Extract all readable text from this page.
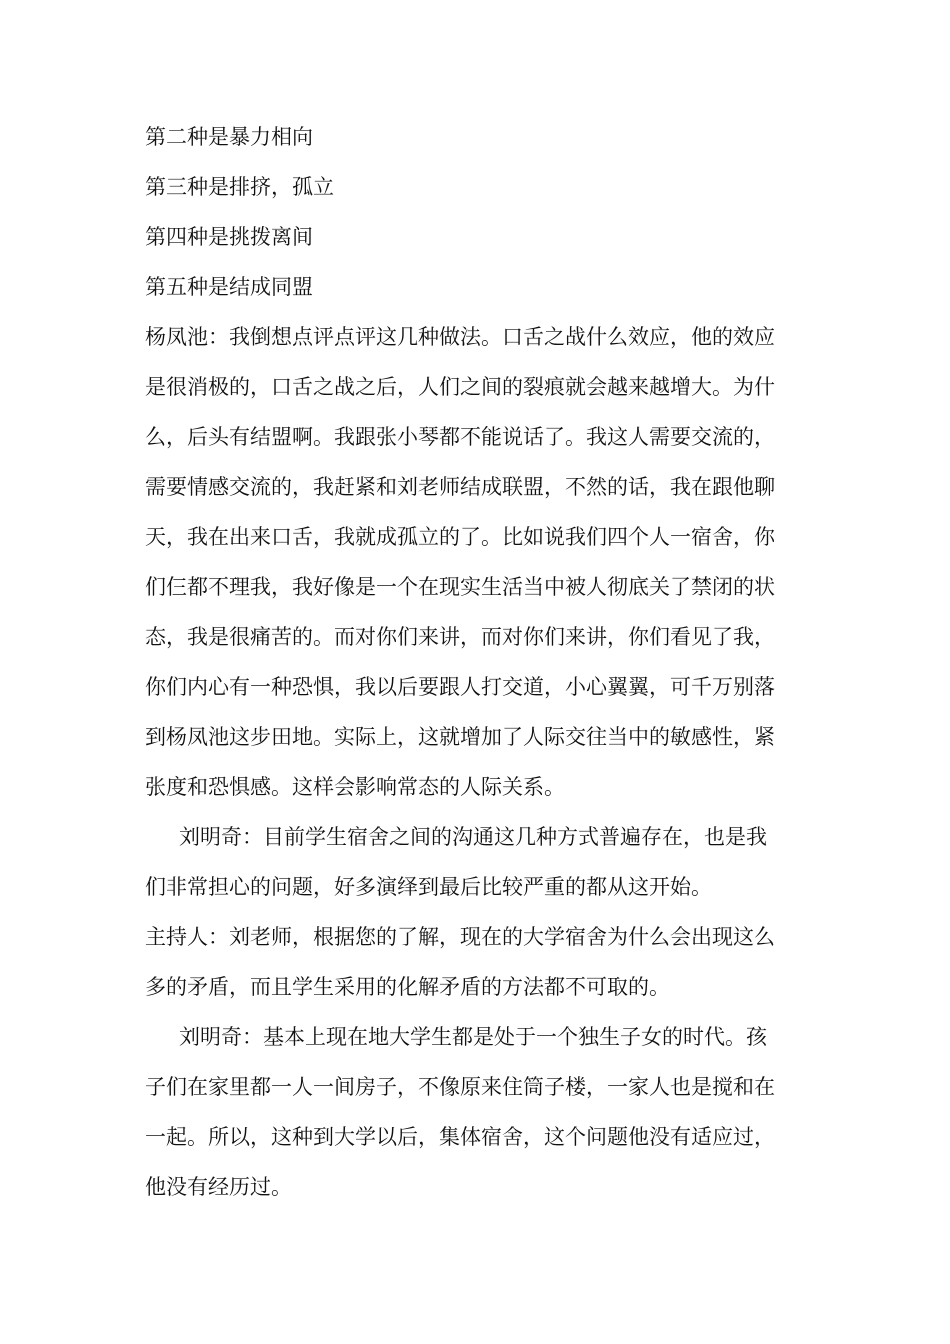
第二种是暴力相向
第三种是排挤，孤立
第四种是挑拨离间
第五种是结成同盟
杨凤池：我倒想点评点评这几种做法。口舌之战什么效应，他的效应
是很消极的，口舌之战之后，人们之间的裂痕就会越来越增大。为什
么，后头有结盟啊。我跟张小琴都不能说话了。我这人需要交流的，
需要情感交流的，我赶紧和刘老师结成联盟，不然的话，我在跟他聊
天，我在出来口舌，我就成孤立的了。比如说我们四个人一宿舍，你
们仨都不理我，我好像是一个在现实生活当中被人彻底关了禁闭的状
态，我是很痛苦的。而对你们来讲，而对你们来讲，你们看见了我，
你们内心有一种恐惧，我以后要跟人打交道，小心翼翼，可千万别落
到杨凤池这步田地。实际上，这就增加了人际交往当中的敏感性，紧
张度和恐惧感。这样会影响常态的人际关系。
刘明奇：目前学生宿舍之间的沟通这几种方式普遍存在，也是我
们非常担心的问题，好多演绎到最后比较严重的都从这开始。
主持人：刘老师，根据您的了解，现在的大学宿舍为什么会出现这么
多的矛盾，而且学生采用的化解矛盾的方法都不可取的。
刘明奇：基本上现在地大学生都是处于一个独生子女的时代。孩
子们在家里都一人一间房子，不像原来住筒子楼，一家人也是搅和在
一起。所以，这种到大学以后，集体宿舍，这个问题他没有适应过，
他没有经历过。
